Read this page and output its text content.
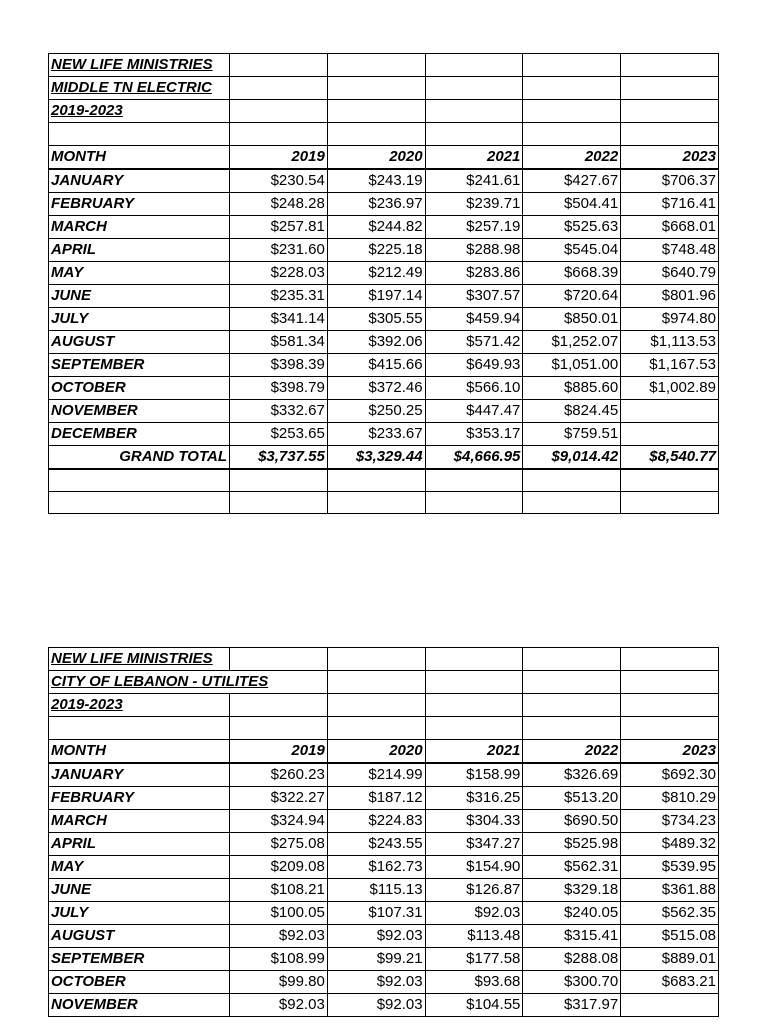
NEW LIFE MINISTRIES					
MIDDLE TN ELECTRIC					
2019-2023					

MONTH	2019	2020	2021	2022	2023
JANUARY	$230.54	$243.19	$241.61	$427.67	$706.37
FEBRUARY	$248.28	$236.97	$239.71	$504.41	$716.41
MARCH	$257.81	$244.82	$257.19	$525.63	$668.01
APRIL	$231.60	$225.18	$288.98	$545.04	$748.48
MAY	$228.03	$212.49	$283.86	$668.39	$640.79
JUNE	$235.31	$197.14	$307.57	$720.64	$801.96
JULY	$341.14	$305.55	$459.94	$850.01	$974.80
AUGUST	$581.34	$392.06	$571.42	$1,252.07	$1,113.53
SEPTEMBER	$398.39	$415.66	$649.93	$1,051.00	$1,167.53
OCTOBER	$398.79	$372.46	$566.10	$885.60	$1,002.89
NOVEMBER	$332.67	$250.25	$447.47	$824.45	
DECEMBER	$253.65	$233.67	$353.17	$759.51	
GRAND TOTAL	$3,737.55	$3,329.44	$4,666.95	$9,014.42	$8,540.77

NEW LIFE MINISTRIES					
CITY OF LEBANON - UTILITES					
2019-2023					

MONTH	2019	2020	2021	2022	2023
JANUARY	$260.23	$214.99	$158.99	$326.69	$692.30
FEBRUARY	$322.27	$187.12	$316.25	$513.20	$810.29
MARCH	$324.94	$224.83	$304.33	$690.50	$734.23
APRIL	$275.08	$243.55	$347.27	$525.98	$489.32
MAY	$209.08	$162.73	$154.90	$562.31	$539.95
JUNE	$108.21	$115.13	$126.87	$329.18	$361.88
JULY	$100.05	$107.31	$92.03	$240.05	$562.35
AUGUST	$92.03	$92.03	$113.48	$315.41	$515.08
SEPTEMBER	$108.99	$99.21	$177.58	$288.08	$889.01
OCTOBER	$99.80	$92.03	$93.68	$300.70	$683.21
NOVEMBER	$92.03	$92.03	$104.55	$317.97	
